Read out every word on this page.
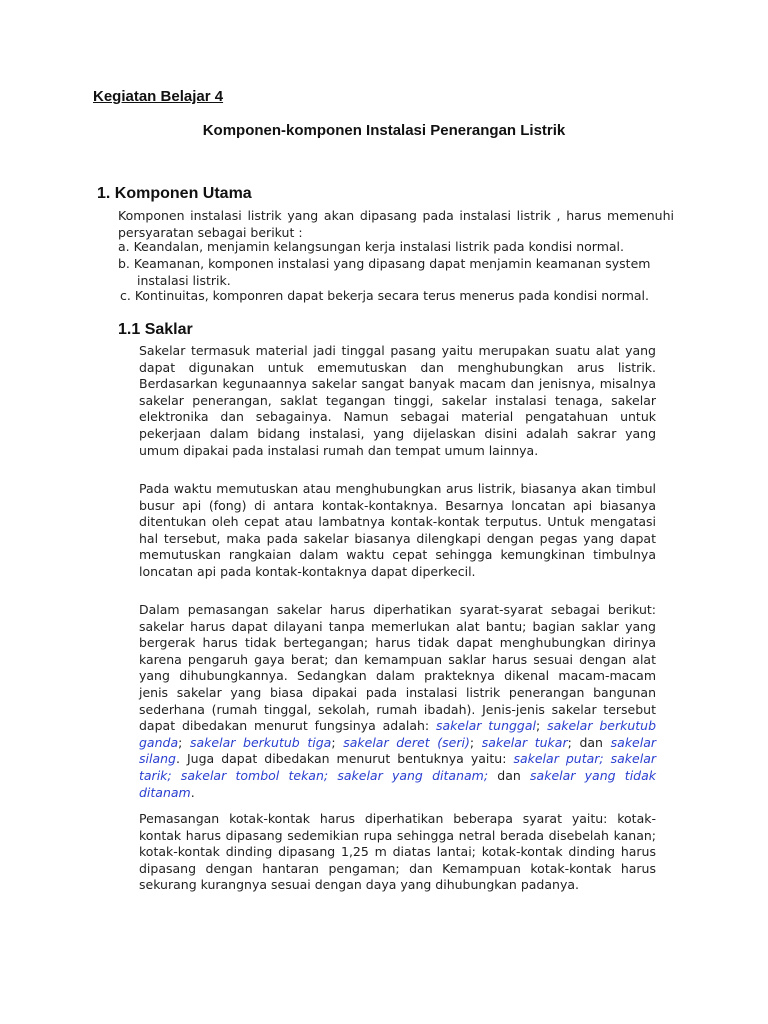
Kegiatan Belajar 4
Komponen-komponen Instalasi Penerangan Listrik
1. Komponen Utama
Komponen instalasi listrik yang akan dipasang pada instalasi listrik , harus memenuhi persyaratan sebagai berikut :
a. Keandalan, menjamin kelangsungan kerja instalasi listrik pada kondisi normal.
b. Keamanan, komponen instalasi yang dipasang dapat menjamin keamanan system
instalasi listrik.
c. Kontinuitas, komponren dapat bekerja secara terus menerus pada kondisi normal.
1.1 Saklar
Sakelar termasuk material jadi tinggal pasang yaitu merupakan suatu alat yang dapat digunakan untuk ememutuskan dan menghubungkan arus listrik. Berdasarkan kegunaannya sakelar sangat banyak macam dan jenisnya, misalnya sakelar penerangan, saklat tegangan tinggi, sakelar instalasi tenaga, sakelar elektronika dan sebagainya. Namun sebagai material pengatahuan untuk pekerjaan dalam bidang instalasi, yang dijelaskan disini adalah sakrar yang umum dipakai pada instalasi rumah dan tempat umum lainnya.
Pada waktu memutuskan atau menghubungkan arus listrik, biasanya akan timbul busur api (fong) di antara kontak-kontaknya. Besarnya loncatan api biasanya ditentukan oleh cepat atau lambatnya kontak-kontak terputus. Untuk mengatasi hal tersebut, maka pada sakelar biasanya dilengkapi dengan pegas yang dapat memutuskan rangkaian dalam waktu cepat sehingga kemungkinan timbulnya loncatan api pada kontak-kontaknya dapat diperkecil.
Dalam pemasangan sakelar harus diperhatikan syarat-syarat sebagai berikut: sakelar harus dapat dilayani tanpa memerlukan alat bantu; bagian saklar yang bergerak harus tidak bertegangan; harus tidak dapat menghubungkan dirinya karena pengaruh gaya berat; dan kemampuan saklar harus sesuai dengan alat yang dihubungkannya. Sedangkan dalam prakteknya dikenal macam-macam jenis sakelar yang biasa dipakai pada instalasi listrik penerangan bangunan sederhana (rumah tinggal, sekolah, rumah ibadah). Jenis-jenis sakelar tersebut dapat dibedakan menurut fungsinya adalah: sakelar tunggal; sakelar berkutub ganda; sakelar berkutub tiga; sakelar deret (seri); sakelar tukar; dan sakelar silang. Juga dapat dibedakan menurut bentuknya yaitu: sakelar putar; sakelar tarik; sakelar tombol tekan; sakelar yang ditanam; dan sakelar yang tidak ditanam.
Pemasangan kotak-kontak harus diperhatikan beberapa syarat yaitu: kotak-kontak harus dipasang sedemikian rupa sehingga netral berada disebelah kanan; kotak-kontak dinding dipasang 1,25 m diatas lantai; kotak-kontak dinding harus dipasang dengan hantaran pengaman; dan Kemampuan kotak-kontak harus sekurang kurangnya sesuai dengan daya yang dihubungkan padanya.
